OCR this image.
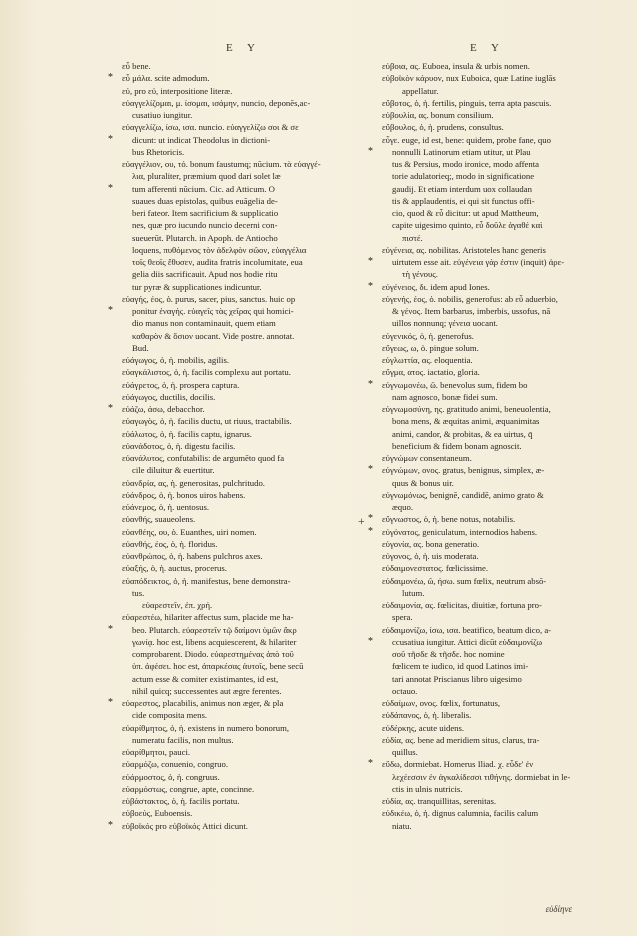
E Y	E Y
εὖ bene.
* εὖ μάλα. scite admodum.
εὐ, pro εὐ, interpositione literæ.
εὐαγγελίζομαι, μ. ίσομαι, ισάμην, nuncio, deponēs,ac-
cusatiuo iungitur.
εὐαγγελίζω, ίσω, ισα. nuncio. εὐαγγελίζω σοι & σε
* dicunt: ut indicat Theodolus in dictioni-
bus Rhetoricis.
εὐαγγέλιον, ου, τό. bonum faustumq; nūcium. τὰ εὐαγγέ-
λια, pluraliter, præmium quod dari solet læ
* tum afferenti nūcium. Cic. ad Atticum. O
suaues duas epistolas, quibus euāgelia de-
beri fateor. Item sacrificium & supplicatio
nes, quæ pro iucundo nuncio decerni con-
sueuerūt. Plutarch. in Apoph. de Antiocho
loquens, πυθόμενος τὸν ἀδελφὸν σῶον, εὐαγγέλια
τοῖς θεοῖς ἔθυσεν, audita fratris incolumitate, eua
gelia diis sacrificauit. Apud nos hodie ritu
tur pyræ & supplicationes indicuntur.
εὐαγής, έος, ὁ. purus, sacer, pius, sanctus. huic op
* ponitur ἐναγής. εὐαγεῖς τὰς χεῖρας qui homici-
dio manus non contaminauit, quem etiam
καθαρὸν & ὅσιον uocant. Vide postre. annotat.
Bud.
εὐάγωγος, ὁ, ἡ. mobilis, agilis.
εὐαγκάλιστος, ὁ, ἡ. facilis complexu aut portatu.
εὐάγρετος, ὁ, ἡ. prospera captura.
εὐάγωγος, ductilis, docilis.
* εὐάζω, άσω, debacchor.
εὐαγωγὸς, ὁ, ἡ. facilis ductu, ut riuus, tractabilis.
εὐάλωτος, ὁ, ἡ. facilis captu, ignarus.
εὐανάδοτος, ὁ, ἡ. digestu facilis.
εὐανάλυτος, confutabilis: de argumēto quod fa
cile diluitur & euertitur.
εὐανδρία, ας, ἡ. generositas, pulchritudo.
εὐάνδρος, ὁ, ἡ. bonos uiros habens.
εὐάνεμος, ὁ, ἡ. uentosus.
εὐανθής, suaueolens.
εὐανθέης, ου, ὁ. Euanthes, uiri nomen.
εὐανθής, έος, ὁ, ἡ. floridus.
εὐανθρώπος, ὁ, ἡ. habens pulchros axes.
εὐαξής, ὁ, ἡ. auctus, procerus.
εὐαπόδεικτος, ὁ, ἡ. manifestus, bene demonstra-
tus.
εὐαρεστεῖν, ἐπ. χρή.
εὐαρεστέω, hilariter affectus sum, placide me ha-
* beo. Plutarch. εὐαρεστεῖν τῷ δαίμονι ὑμῶν ἄκρ
γωνίᾳ. hoc est, libens acquiescerent, & hilariter
comprobarent. Diodo. εὐαρεστημένας ἀπὸ τοῦ
ὑπ. ἀφέσει. hoc est, ἀπαρκέσας ἀυτοῖς, bene secū
actum esse & comiter existimantes, id est,
nihil quicq; successentes aut ægre ferentes.
* εὐαρεστος, placabilis, animus non æger, & pla
cide composita mens.
εὐαρίθμητος, ὁ, ἡ. existens in numero bonorum,
numeratu facilis, non multus.
εὐαρίθμητοι, pauci.
εὐαρμόζω, conuenio, congruo.
εὐάρμοστος, ὁ, ἡ. congruus.
εὐαρμόστως, congrue, apte, concinne.
εὐβάστακτος, ὁ, ἡ. facilis portatu.
εὐβοεύς, Euboensis.
* εὐβοϊκός pro εὐβοϊκός Attici dicunt.
εὐβοια, ας. Euboea, insula & urbis nomen.
εὐβοϊκὸν κάρυον, nux Euboica, quæ Latine iuglās
appellatur.
εὔβοτος, ὁ, ἡ. fertilis, pinguis, terra apta pascuis.
εὐβουλία, ας. bonum consilium.
εὔβουλος, ὁ, ἡ. prudens, consultus.
εὖγε. euge, id est, bene: quidem, probe fane, quo
* nonnulli Latinorum etiam utitur, ut Plau
tus & Persius, modo ironice, modo affenta
torie adulatorieq;, modo in significatione
gaudij. Et etiam interdum uox collaudan
tis & applaudentis, ei qui sit functus offi-
cio, quod & εὖ dicitur: ut apud Mattheum,
capite uigesimo quinto, εὖ δοῦλε ἀγαθέ καὶ
πιστέ.
εὐγένεια, ας. nobilitas. Aristoteles hanc generis
* uirtutem esse ait. εὐγένεια γάρ ἐστιν (inquit) ἀρε-
τὴ γένους.
* εὐγένειος, δι. idem apud Iones.
εὐγενής, έος, ὁ. nobilis, generofus: ab εὖ aduerbio,
& γένος. Item barbarus, imberbis, ussofus, nā
uillos nonnunq; γένεια uocant.
εὐγενικός, ὁ, ἡ. generofus.
εὔγεως, ω, ὁ. pingue solum.
εὐγλωττία, ας. eloquentia.
εὔγμα, ατος. iactatio, gloria.
* εὐγνωμονέω, ῶ. benevolus sum, fidem bo
nam agnosco, bonæ fidei sum.
εὐγνωμοσύνη, ης. gratitudo animi, beneuolentia,
bona mens, & æquitas animi, æquanimitas
animi, candor, & probitas, & ea uirtus, q̄
beneficium & fidem bonam agnoscit.
εὐγνώμων consentaneum.
* εὐγνώμων, ονος. gratus, benignus, simplex, æ-
quus & bonus uir.
εὐγνωμόνως, benignē, candidē, animo grato &
æquo.
* εὔγνωστος, ὁ, ἡ. bene notus, notabilis.
* εὐγόνατος, geniculatum, internodios habens.
εὐγονία, ας. bona generatio.
εὐγονος, ὁ, ἡ. uis moderata.
εὐδαιμονεστατος. fœlicissime.
εὐδαιμονέω, ῶ, ήσω. sum fœlix, neutrum absō-
lutum.
εὐδαιμονία, ας. fœlicitas, diuitiæ, fortuna pro-
spera.
εὐδαιμονίζω, ίσω, ισα. beatifico, beatum dico, a-
* ccusatiua iungitur. Attici dicūt εὐδαιμονίζω
σοῦ τῆσδε & τῆσδε. hoc nomine
fœlicem te iudico, id quod Latinos imi-
tari annotat Priscianus libro uigesimo
octauo.
εὐδαίμων, ονος. fœlix, fortunatus,
εὐδάπανος, ὁ, ἡ. liberalis.
εὐδέρκης, acute uidens.
εὐδία, ας. bene ad meridiem situs, clarus, tra-
quillus.
* εὕδω, dormiebat. Homerus Iliad. χ. εὗδε' ἐν
λεχέεσσιν ἐν ἀγκαλίδεσσι τιθήνης. dormiebat in le-
ctis in ulnis nutricis.
εὐδία, ας. tranquillitas, serenitas.
εὐδικέω, ὁ, ἡ. dignus calumnia, facilis calum
niatu.
+
εὐδίηνε
